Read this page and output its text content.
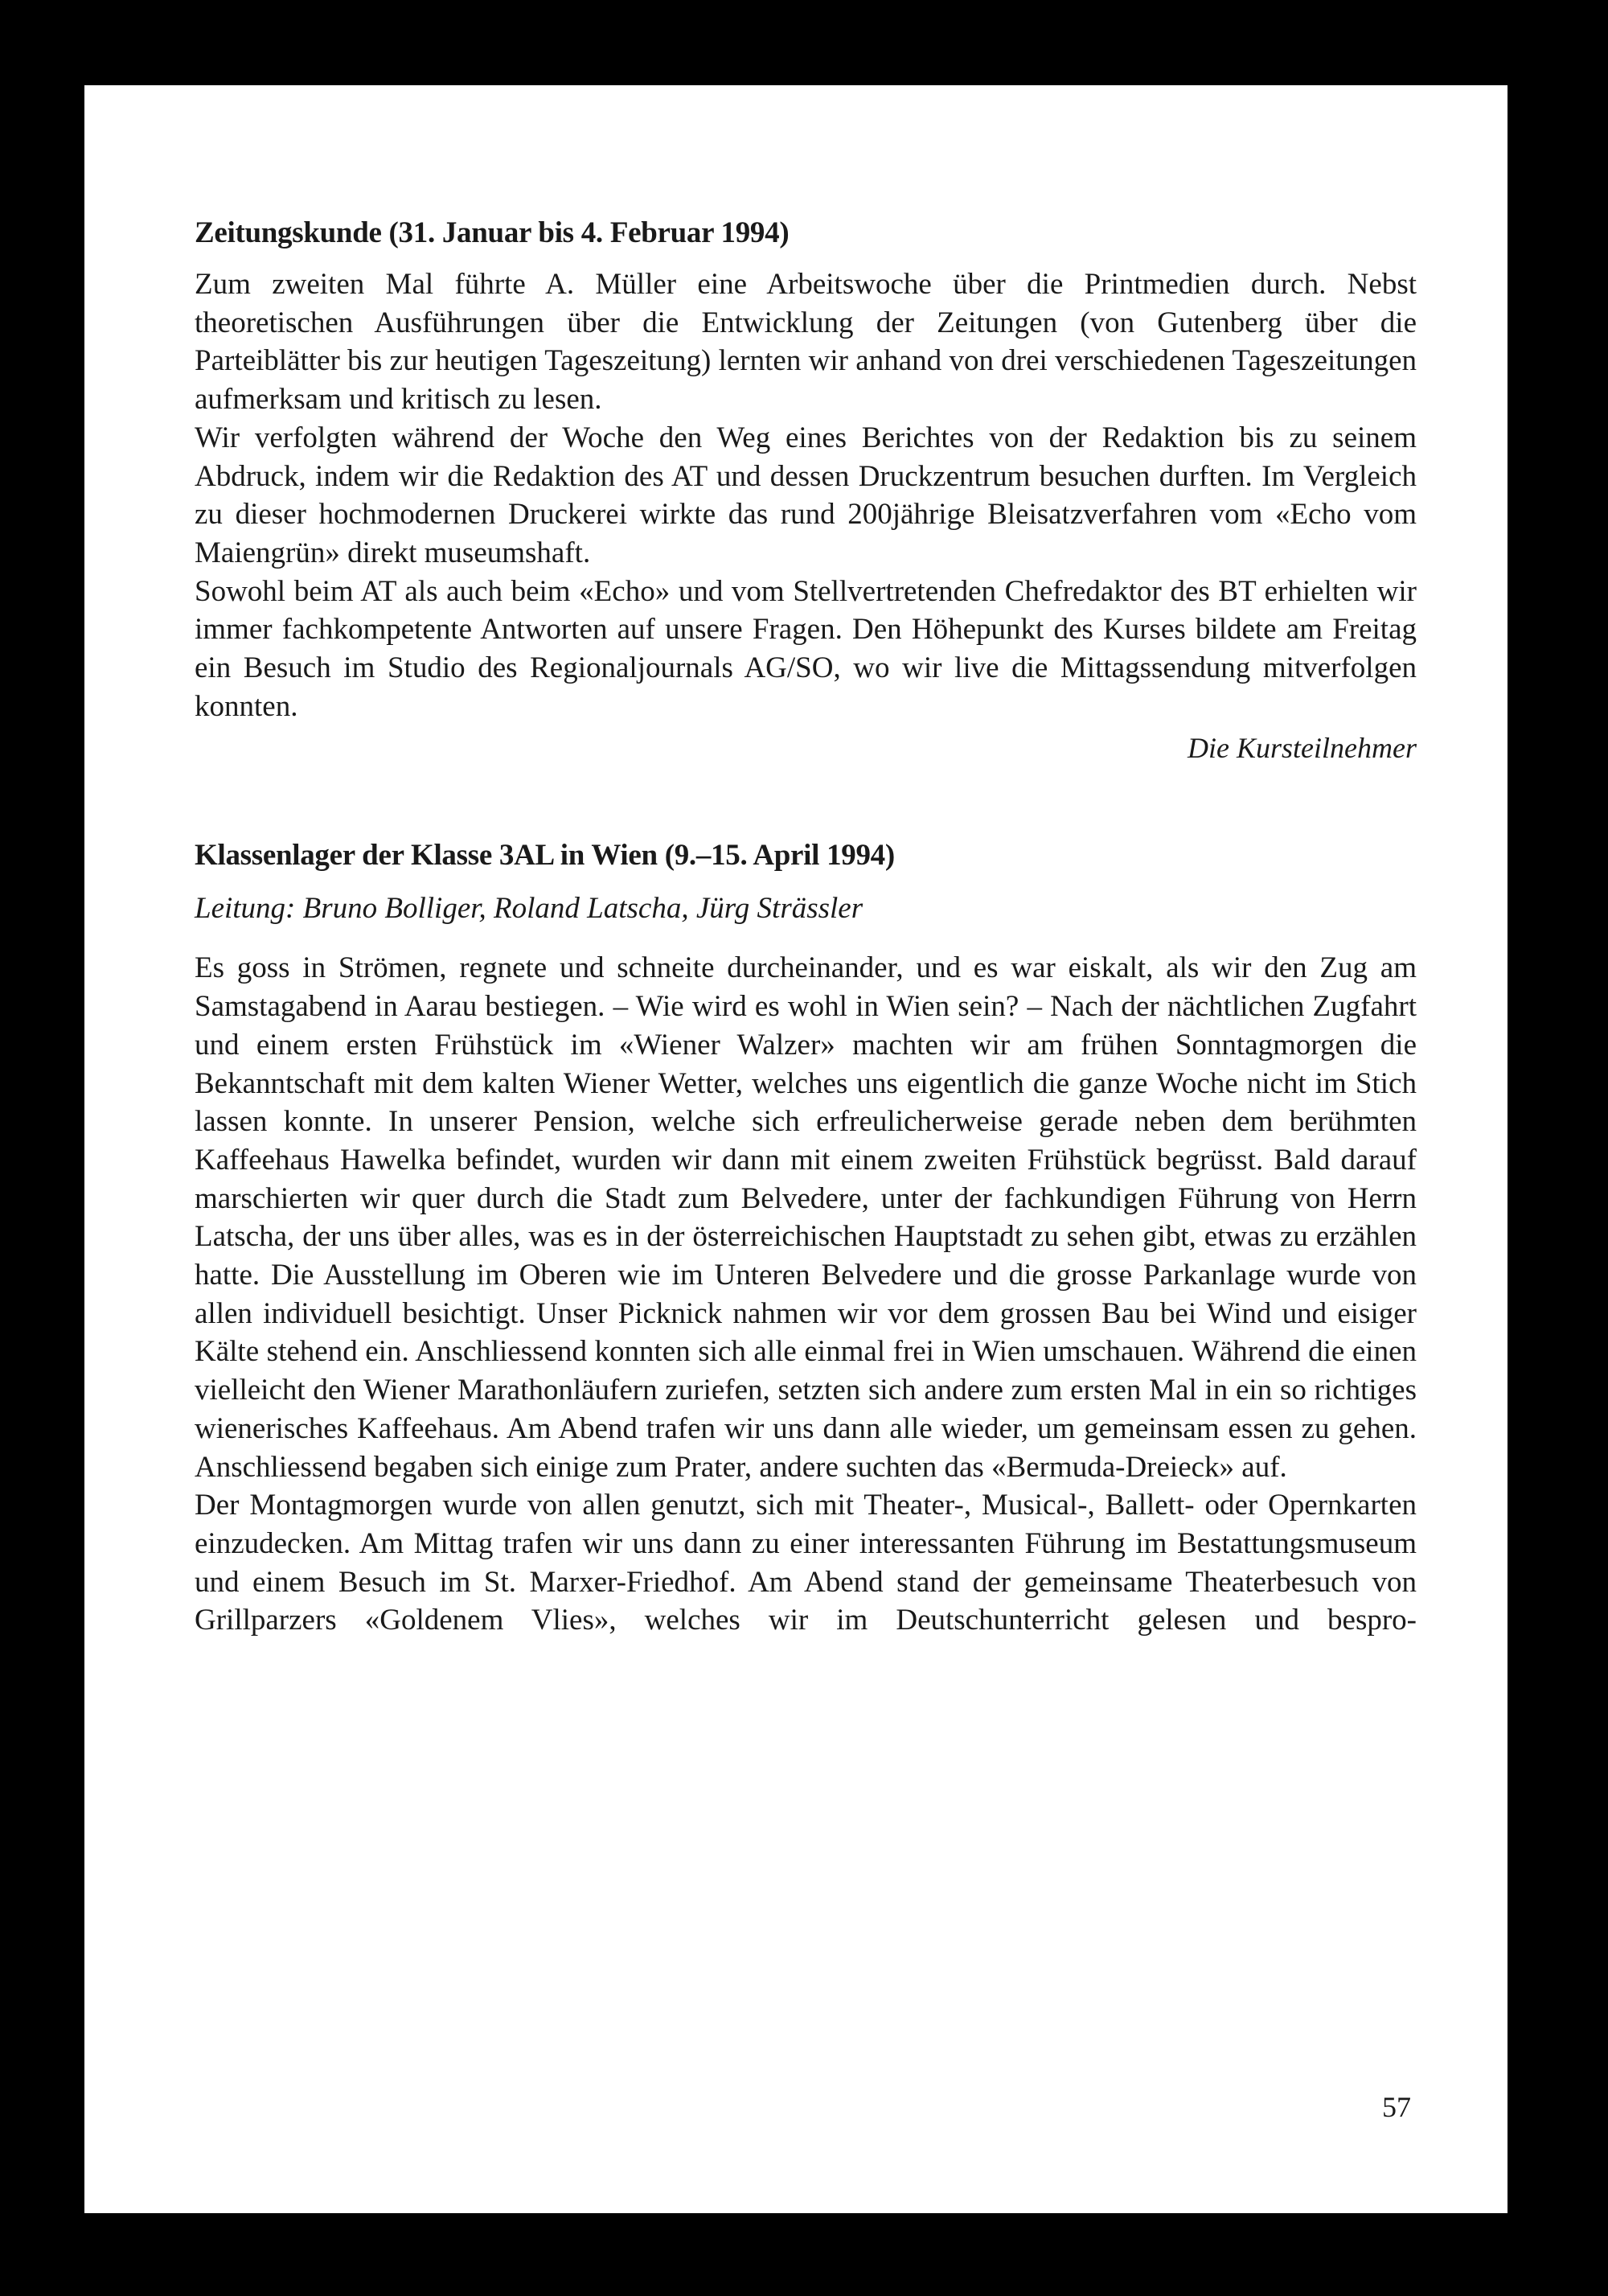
Zeitungskunde (31. Januar bis 4. Februar 1994)

Zum zweiten Mal führte A. Müller eine Arbeitswoche über die Printmedien durch. Nebst theoretischen Ausführungen über die Entwicklung der Zeitungen (von Gutenberg über die Parteiblätter bis zur heutigen Tageszeitung) lernten wir anhand von drei verschiedenen Tageszeitungen aufmerksam und kritisch zu lesen.

Wir verfolgten während der Woche den Weg eines Berichtes von der Redaktion bis zu seinem Abdruck, indem wir die Redaktion des AT und dessen Druckzentrum besuchen durften. Im Vergleich zu dieser hochmodernen Druckerei wirkte das rund 200jährige Bleisatzverfahren vom «Echo vom Maiengrün» direkt museumshaft.

Sowohl beim AT als auch beim «Echo» und vom Stellvertretenden Chefredaktor des BT erhielten wir immer fachkompetente Antworten auf unsere Fragen. Den Höhepunkt des Kurses bildete am Freitag ein Besuch im Studio des Regionaljournals AG/SO, wo wir live die Mittagssendung mitverfolgen konnten.

Die Kursteilnehmer

Klassenlager der Klasse 3AL in Wien (9.–15. April 1994)

Leitung: Bruno Bolliger, Roland Latscha, Jürg Strässler

Es goss in Strömen, regnete und schneite durcheinander, und es war eiskalt, als wir den Zug am Samstagabend in Aarau bestiegen. – Wie wird es wohl in Wien sein? – Nach der nächtlichen Zugfahrt und einem ersten Frühstück im «Wiener Walzer» machten wir am frühen Sonntagmorgen die Bekanntschaft mit dem kalten Wiener Wetter, welches uns eigentlich die ganze Woche nicht im Stich lassen konnte. In unserer Pension, welche sich erfreulicherweise gerade neben dem berühmten Kaffeehaus Hawelka befindet, wurden wir dann mit einem zweiten Frühstück begrüsst. Bald darauf marschierten wir quer durch die Stadt zum Belvedere, unter der fachkundigen Führung von Herrn Latscha, der uns über alles, was es in der österreichischen Hauptstadt zu sehen gibt, etwas zu erzählen hatte. Die Ausstellung im Oberen wie im Unteren Belvedere und die grosse Parkanlage wurde von allen individuell besichtigt. Unser Picknick nahmen wir vor dem grossen Bau bei Wind und eisiger Kälte stehend ein. Anschliessend konnten sich alle einmal frei in Wien umschauen. Während die einen vielleicht den Wiener Marathonläufern zuriefen, setzten sich andere zum ersten Mal in ein so richtiges wienerisches Kaffeehaus. Am Abend trafen wir uns dann alle wieder, um gemeinsam essen zu gehen. Anschliessend begaben sich einige zum Prater, andere suchten das «Bermuda-Dreieck» auf.

Der Montagmorgen wurde von allen genutzt, sich mit Theater-, Musical-, Ballett- oder Opernkarten einzudecken. Am Mittag trafen wir uns dann zu einer interessanten Führung im Bestattungsmuseum und einem Besuch im St. Marxer-Friedhof. Am Abend stand der gemeinsame Theaterbesuch von Grillparzers «Goldenem Vlies», welches wir im Deutschunterricht gelesen und bespro-

57
